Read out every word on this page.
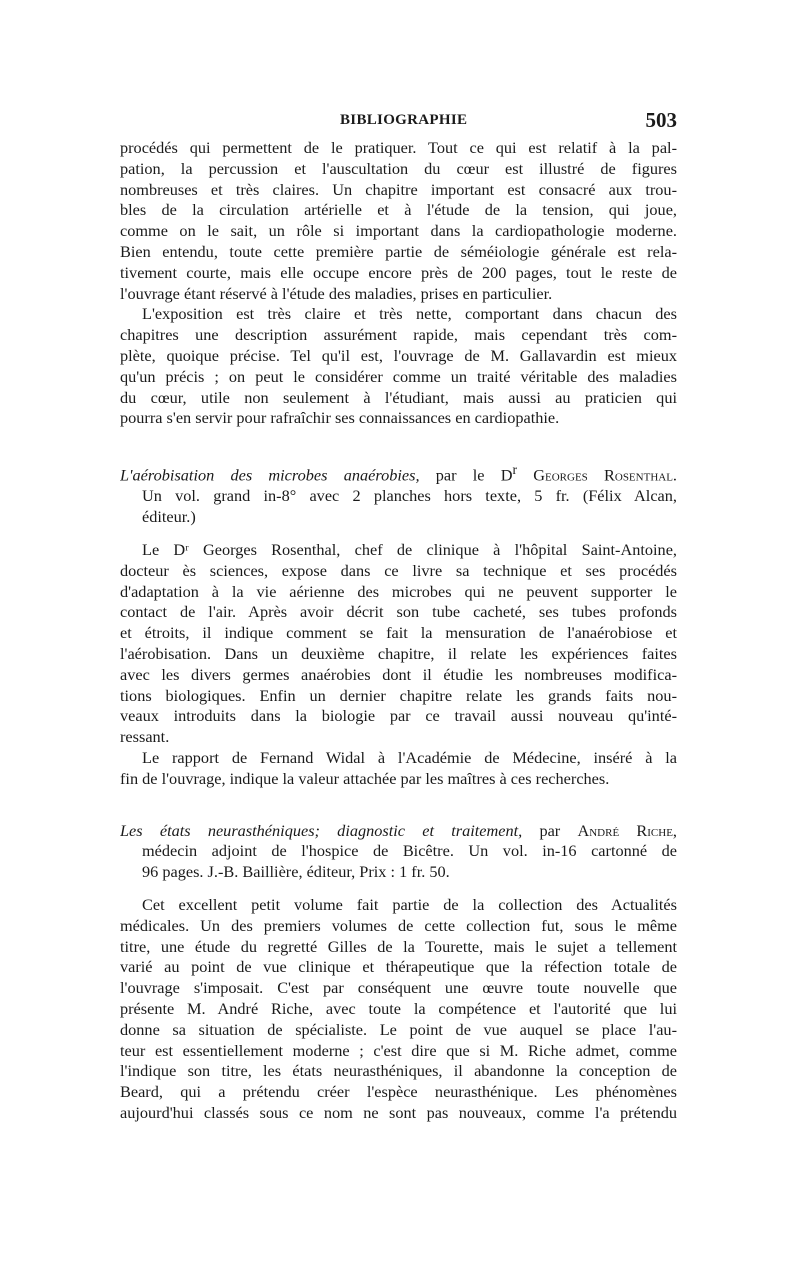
BIBLIOGRAPHIE	503
procédés qui permettent de le pratiquer. Tout ce qui est relatif à la pal-
pation, la percussion et l'auscultation du cœur est illustré de figures
nombreuses et très claires. Un chapitre important est consacré aux trou-
bles de la circulation artérielle et à l'étude de la tension, qui joue,
comme on le sait, un rôle si important dans la cardiopathologie moderne.
Bien entendu, toute cette première partie de séméiologie générale est rela-
tivement courte, mais elle occupe encore près de 200 pages, tout le reste de
l'ouvrage étant réservé à l'étude des maladies, prises en particulier.
L'exposition est très claire et très nette, comportant dans chacun des
chapitres une description assurément rapide, mais cependant très com-
plète, quoique précise. Tel qu'il est, l'ouvrage de M. Gallavardin est mieux
qu'un précis ; on peut le considérer comme un traité véritable des maladies
du cœur, utile non seulement à l'étudiant, mais aussi au praticien qui
pourra s'en servir pour rafraîchir ses connaissances en cardiopathie.
L'aérobisation des microbes anaérobies, par le $D^r$ Georges Rosenthal.
Un vol. grand in-8° avec 2 planches hors texte, 5 fr. (Félix Alcan,
éditeur.)
Le Dʳ Georges Rosenthal, chef de clinique à l'hôpital Saint-Antoine,
docteur ès sciences, expose dans ce livre sa technique et ses procédés
d'adaptation à la vie aérienne des microbes qui ne peuvent supporter le
contact de l'air. Après avoir décrit son tube cacheté, ses tubes profonds
et étroits, il indique comment se fait la mensuration de l'anaérobiose et
l'aérobisation. Dans un deuxième chapitre, il relate les expériences faites
avec les divers germes anaérobies dont il étudie les nombreuses modifica-
tions biologiques. Enfin un dernier chapitre relate les grands faits nou-
veaux introduits dans la biologie par ce travail aussi nouveau qu'inté-
ressant.
Le rapport de Fernand Widal à l'Académie de Médecine, inséré à la
fin de l'ouvrage, indique la valeur attachée par les maîtres à ces recherches.
Les états neurasthéniques; diagnostic et traitement, par André Riche,
médecin adjoint de l'hospice de Bicêtre. Un vol. in-16 cartonné de
96 pages. J.-B. Baillière, éditeur, Prix : 1 fr. 50.
Cet excellent petit volume fait partie de la collection des Actualités
médicales. Un des premiers volumes de cette collection fut, sous le même
titre, une étude du regretté Gilles de la Tourette, mais le sujet a tellement
varié au point de vue clinique et thérapeutique que la réfection totale de
l'ouvrage s'imposait. C'est par conséquent une œuvre toute nouvelle que
présente M. André Riche, avec toute la compétence et l'autorité que lui
donne sa situation de spécialiste. Le point de vue auquel se place l'au-
teur est essentiellement moderne ; c'est dire que si M. Riche admet, comme
l'indique son titre, les états neurasthéniques, il abandonne la conception de
Beard, qui a prétendu créer l'espèce neurasthénique. Les phénomènes
aujourd'hui classés sous ce nom ne sont pas nouveaux, comme l'a prétendu
